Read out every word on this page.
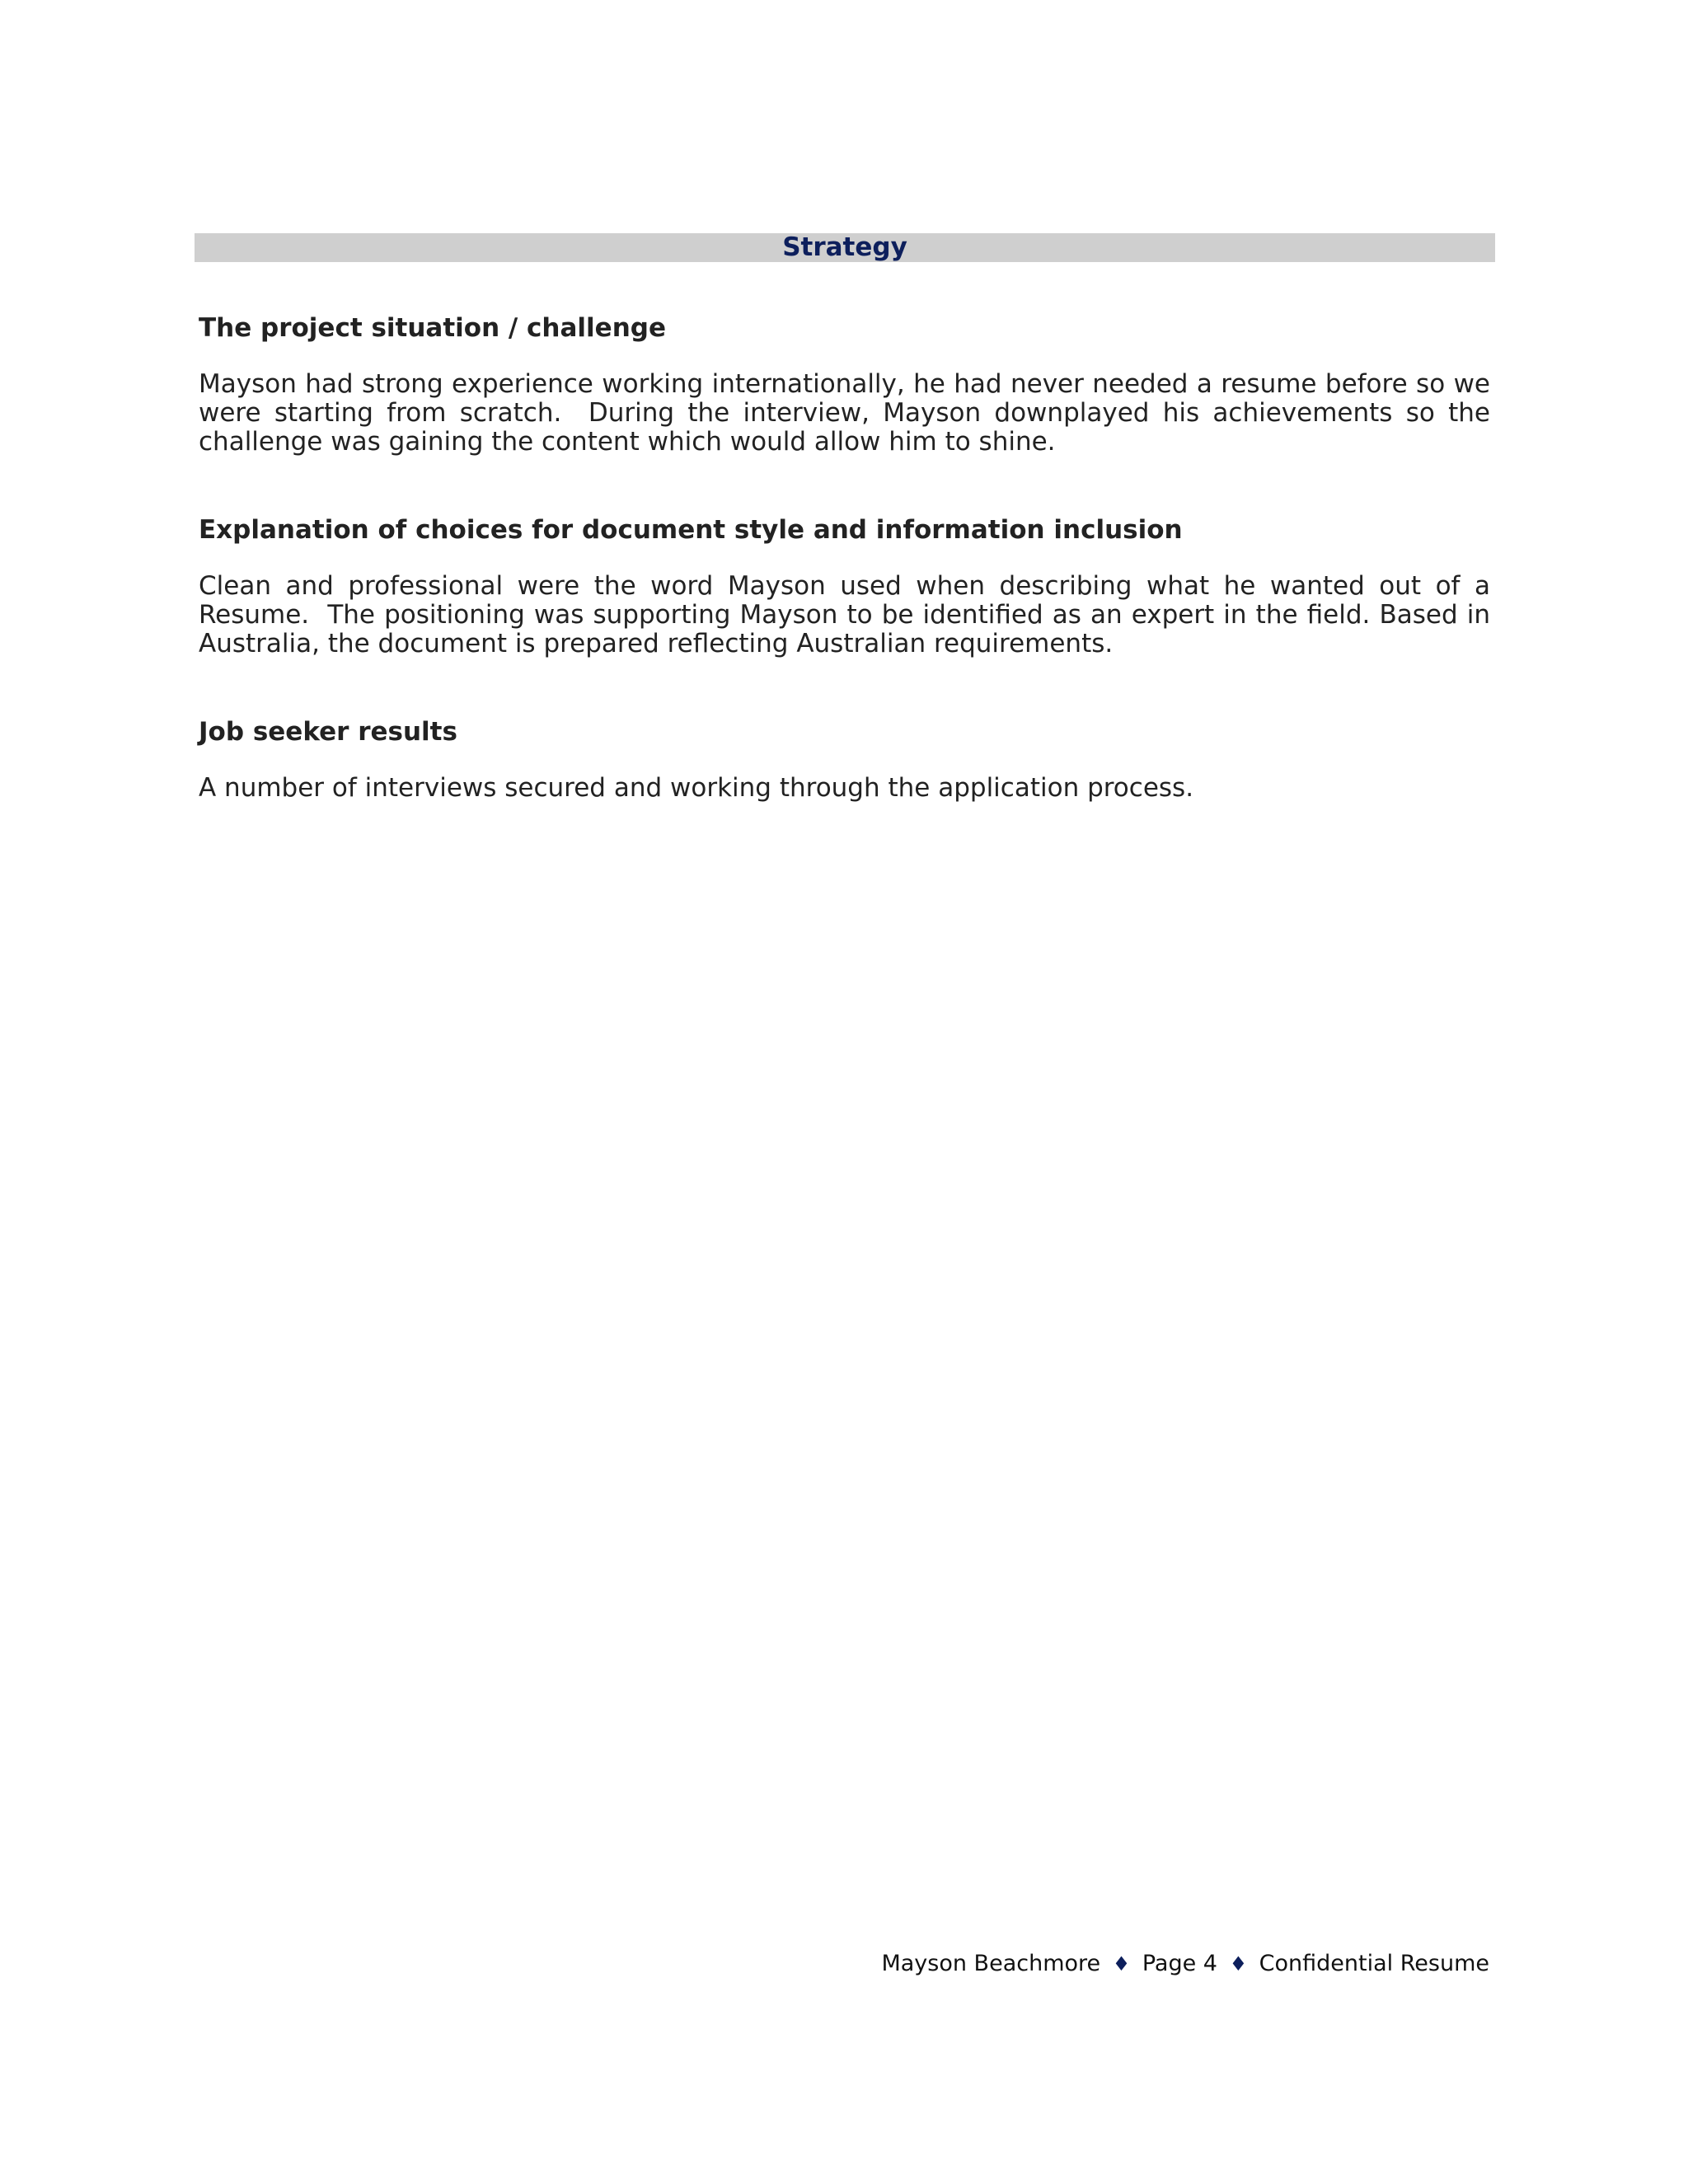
Strategy

The project situation / challenge

Mayson had strong experience working internationally, he had never needed a resume before so we were starting from scratch.  During the interview, Mayson downplayed his achievements so the challenge was gaining the content which would allow him to shine.

Explanation of choices for document style and information inclusion

Clean and professional were the word Mayson used when describing what he wanted out of a Resume.  The positioning was supporting Mayson to be identified as an expert in the field. Based in Australia, the document is prepared reflecting Australian requirements.

Job seeker results

A number of interviews secured and working through the application process.

Mayson Beachmore ♦ Page 4 ♦ Confidential Resume
